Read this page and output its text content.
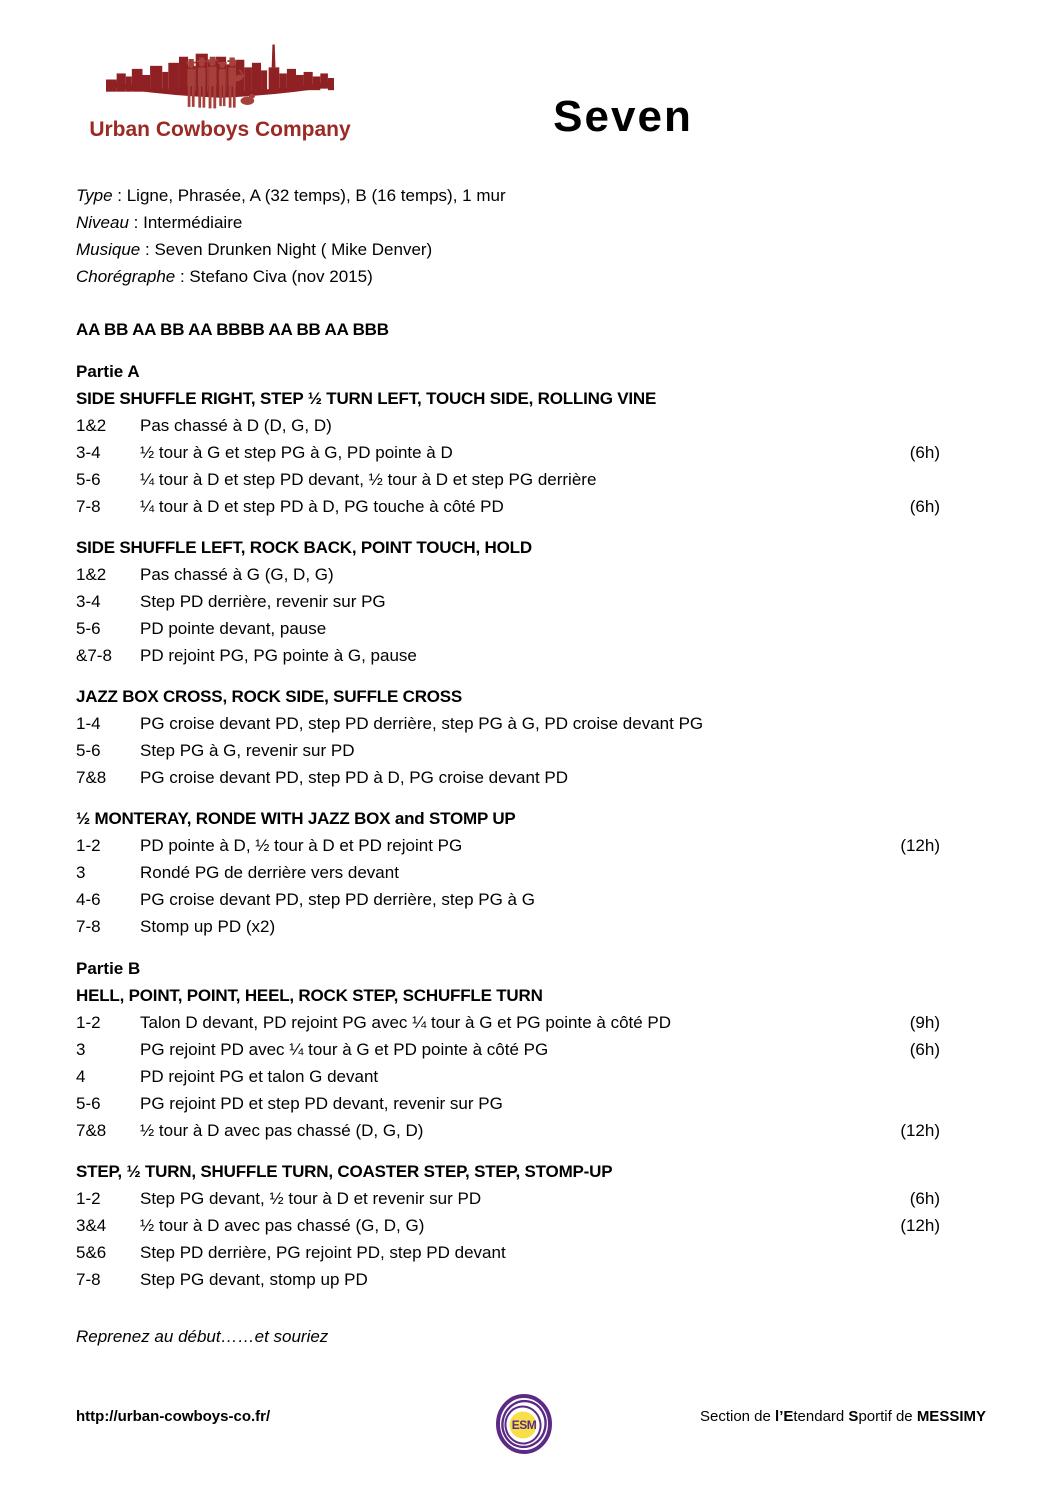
Urban Cowboys Company	Seven
Type : Ligne, Phrasée, A (32 temps), B (16 temps), 1 mur
Niveau : Intermédiaire
Musique : Seven Drunken Night ( Mike Denver)
Chorégraphe : Stefano Civa (nov 2015)
AA BB AA BB AA BBBB AA BB AA BBB
Partie A
SIDE SHUFFLE RIGHT, STEP ½ TURN LEFT, TOUCH SIDE, ROLLING VINE
1&2	Pas chassé à D (D, G, D)
3-4	½ tour à G et step PG à G, PD pointe à D	(6h)
5-6	¼ tour à D et step PD devant, ½ tour à D et step PG derrière
7-8	¼ tour à D et step PD à D, PG touche à côté PD	(6h)
SIDE SHUFFLE LEFT, ROCK BACK, POINT TOUCH, HOLD
1&2	Pas chassé à G (G, D, G)
3-4	Step PD derrière, revenir sur PG
5-6	PD pointe devant, pause
&7-8	PD rejoint PG, PG pointe à G, pause
JAZZ BOX CROSS, ROCK SIDE, SUFFLE CROSS
1-4	PG croise devant PD, step PD derrière, step PG à G, PD croise devant PG
5-6	Step PG à G, revenir sur PD
7&8	PG croise devant PD, step PD à D, PG croise devant PD
½ MONTERAY, RONDE WITH JAZZ BOX and STOMP UP
1-2	PD pointe à D, ½ tour à D et PD rejoint PG	(12h)
3	Rondé PG de derrière vers devant
4-6	PG croise devant PD, step PD derrière, step PG à G
7-8	Stomp up PD (x2)
Partie B
HELL, POINT, POINT, HEEL, ROCK STEP, SCHUFFLE TURN
1-2	Talon D devant, PD rejoint PG avec ¼ tour à G et PG pointe à côté PD	(9h)
3	PG rejoint PD avec ¼ tour à G et PD pointe à côté PG	(6h)
4	PD rejoint PG et talon G devant
5-6	PG rejoint PD et step PD devant, revenir sur PG
7&8	½ tour à D avec pas chassé (D, G, D)	(12h)
STEP, ½ TURN, SHUFFLE TURN, COASTER STEP, STEP, STOMP-UP
1-2	Step PG devant, ½ tour à D et revenir sur PD	(6h)
3&4	½ tour à D avec pas chassé (G, D, G)	(12h)
5&6	Step PD derrière, PG rejoint PD, step PD devant
7-8	Step PG devant, stomp up PD
Reprenez au début……et souriez
http://urban-cowboys-co.fr/
ESM
Section de l’Etendard Sportif de MESSIMY
